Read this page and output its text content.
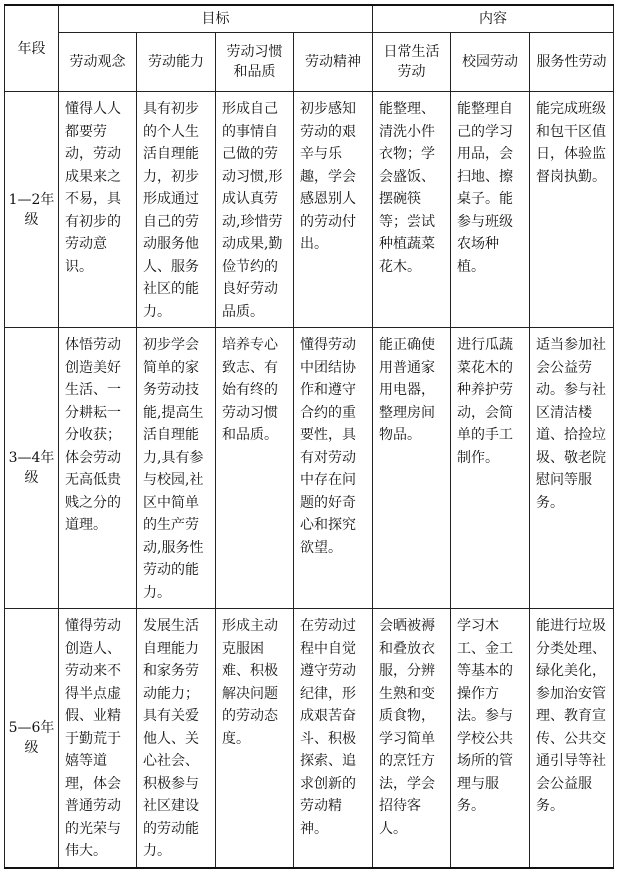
年段	目标				内容		
	劳动观念	劳动能力	劳动习惯和品质	劳动精神	日常生活劳动	校园劳动	服务性劳动
1—2年级	懂得人人都要劳动，劳动成果来之不易，具有初步的劳动意识。	具有初步的个人生活自理能力，初步形成通过自己的劳动服务他人、服务社区的能力。	形成自己的事情自己做的劳动习惯,形成认真劳动,珍惜劳动成果,勤俭节约的良好劳动品质。	初步感知劳动的艰辛与乐趣，学会感恩别人的劳动付出。	能整理、清洗小件衣物；学会盛饭、摆碗筷等；尝试种植蔬菜花木。	能整理自己的学习用品，会扫地、擦桌子。能参与班级农场种植。	能完成班级和包干区值日，体验监督岗执勤。
3—4年级	体悟劳动创造美好生活、一分耕耘一分收获；体会劳动无高低贵贱之分的道理。	初步学会简单的家务劳动技能,提高生活自理能力,具有参与校园,社区中简单的生产劳动,服务性劳动的能力。	培养专心致志、有始有终的劳动习惯和品质。	懂得劳动中团结协作和遵守合约的重要性，具有对劳动中存在问题的好奇心和探究欲望。	能正确使用普通家用电器，整理房间物品。	进行瓜蔬菜花木的种养护劳动，会简单的手工制作。	适当参加社会公益劳动。参与社区清洁楼道、拾捡垃圾、敬老院慰问等服务。
5—6年级	懂得劳动创造人、劳动来不得半点虚假、业精于勤荒于嬉等道理，体会普通劳动的光荣与伟大。	发展生活自理能力和家务劳动能力；具有关爱他人、关心社会、积极参与社区建设的劳动能力。	形成主动克服困难、积极解决问题的劳动态度。	在劳动过程中自觉遵守劳动纪律，形成艰苦奋斗、积极探索、追求创新的劳动精神。	会晒被褥和叠放衣服，分辨生熟和变质食物，学习简单的烹饪方法，学会招待客人。	学习木工、金工等基本的操作方法。参与学校公共场所的管理与服务。	能进行垃圾分类处理、绿化美化，参加治安管理、教育宣传、公共交通引导等社会公益服务。
